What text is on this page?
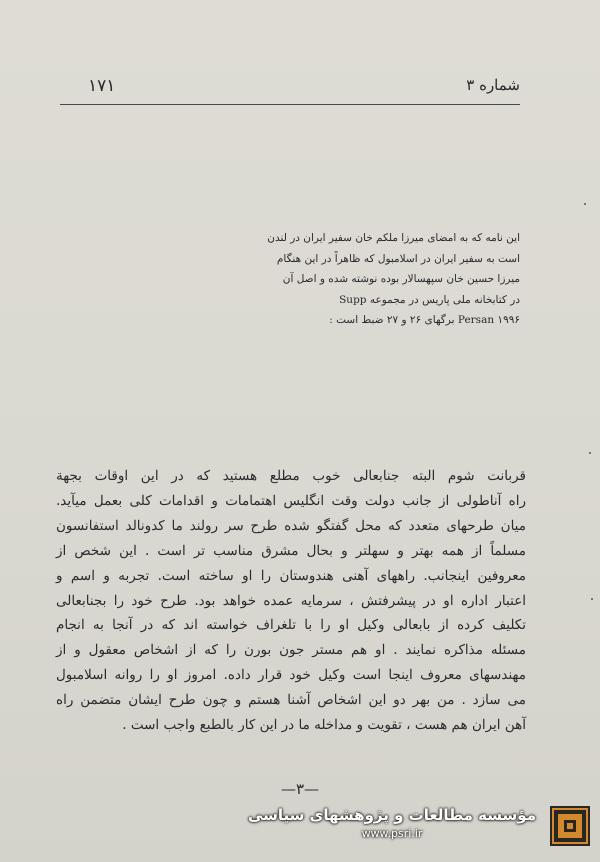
١٧١	شماره ٣
این نامه که به امضای میرزا ملکم خان سفیر ایران در لندن
است به سفیر ایران در اسلامبول که ظاهراً در این هنگام
میرزا حسین خان سپهسالار بوده نوشته شده و اصل آن
در کتابخانه ملی پاریس در مجموعه Supp
Persan ۱۹۹۶ برگهای ٢۶ و ٢٧ ضبط است :
قربانت شوم البته جنابعالی خوب مطلع هستید که در این اوقات بجهة
راه آناطولی از جانب دولت وقت انگلیس اهتمامات و اقدامات کلی بعمل میآید.
میان طرحهای متعدد که محل گفتگو شده طرح سر رولند ما کدونالد استفانسون
مسلماً از همه بهتر و سهلتر و بحال مشرق مناسب تر است . این شخص از
معروفین اینجانب. راههای آهنی هندوستان را او ساخته است. تجربه و اسم و
اعتبار اداره او در پیشرفتش ، سرمایه عمده خواهد بود. طرح خود را بجنابعالی
تکلیف کرده از بابعالی وکیل او را با تلغراف خواسته اند که در آنجا به انجام
مسئله مذاکره نمایند . او هم مستر جون بورن را که از اشخاص معقول و از
مهندسهای معروف اینجا است وکیل خود قرار داده. امروز او را روانه اسلامبول
می سازد . من بهر دو این اشخاص آشنا هستم و چون طرح ایشان متضمن راه
آهن ایران هم هست ، تقویت و مداخله ما در این کار بالطبع واجب است .
—٣—
مؤسسه مطالعات و پژوهشهای سیاسی
www.psri.ir
